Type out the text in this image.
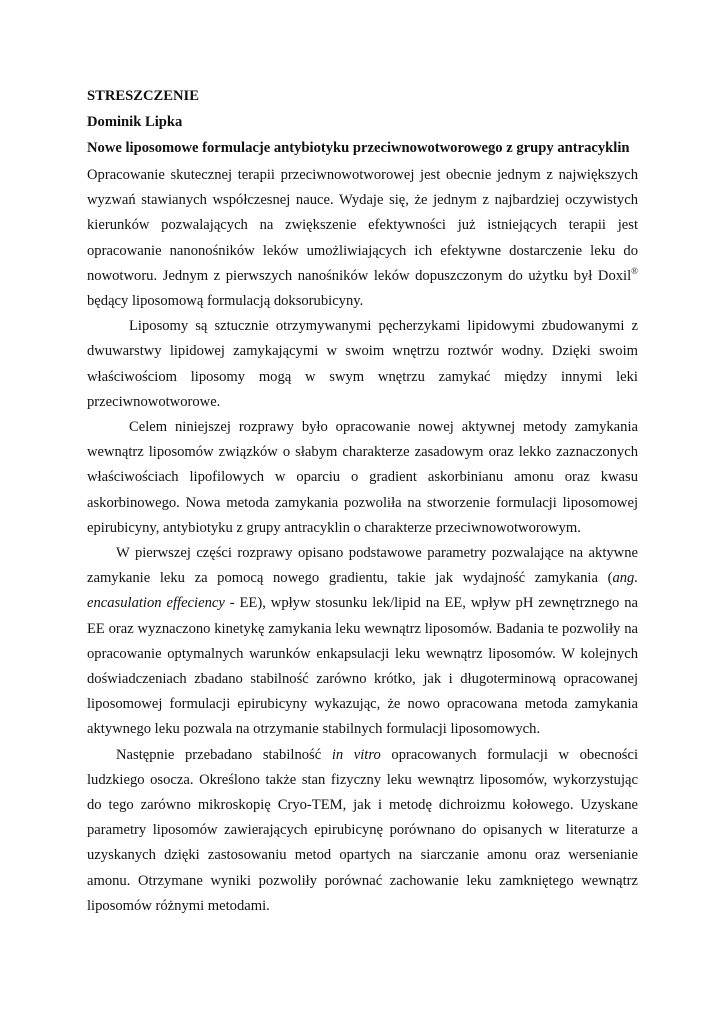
STRESZCZENIE

Dominik Lipka

Nowe liposomowe formulacje antybiotyku przeciwnowotworowego z grupy antracyklin

Opracowanie skutecznej terapii przeciwnowotworowej jest obecnie jednym z największych wyzwań stawianych współczesnej nauce. Wydaje się, że jednym z najbardziej oczywistych kierunków pozwalających na zwiększenie efektywności już istniejących terapii jest opracowanie nanonośników leków umożliwiających ich efektywne dostarczenie leku do nowotworu. Jednym z pierwszych nanośników leków dopuszczonym do użytku był Doxil® będący liposomową formulacją doksorubicyny.

Liposomy są sztucznie otrzymywanymi pęcherzykami lipidowymi zbudowanymi z dwuwarstwy lipidowej zamykającymi w swoim wnętrzu roztwór wodny. Dzięki swoim właściwościom liposomy mogą w swym wnętrzu zamykać między innymi leki przeciwnowotworowe.

Celem niniejszej rozprawy było opracowanie nowej aktywnej metody zamykania wewnątrz liposomów związków o słabym charakterze zasadowym oraz lekko zaznaczonych właściwościach lipofilowych w oparciu o gradient askorbinianu amonu oraz kwasu askorbinowego. Nowa metoda zamykania pozwoliła na stworzenie formulacji liposomowej epirubicyny, antybiotyku z grupy antracyklin o charakterze przeciwnowotworowym.

W pierwszej części rozprawy opisano podstawowe parametry pozwalające na aktywne zamykanie leku za pomocą nowego gradientu, takie jak wydajność zamykania (ang. encasulation effeciency - EE), wpływ stosunku lek/lipid na EE, wpływ pH zewnętrznego na EE oraz wyznaczono kinetykę zamykania leku wewnątrz liposomów. Badania te pozwoliły na opracowanie optymalnych warunków enkapsulacji leku wewnątrz liposomów. W kolejnych doświadczeniach zbadano stabilność zarówno krótko, jak i długoterminową opracowanej liposomowej formulacji epirubicyny wykazując, że nowo opracowana metoda zamykania aktywnego leku pozwala na otrzymanie stabilnych formulacji liposomowych.

Następnie przebadano stabilność in vitro opracowanych formulacji w obecności ludzkiego osocza. Określono także stan fizyczny leku wewnątrz liposomów, wykorzystując do tego zarówno mikroskopię Cryo-TEM, jak i metodę dichroizmu kołowego. Uzyskane parametry liposomów zawierających epirubicynę porównano do opisanych w literaturze a uzyskanych dzięki zastosowaniu metod opartych na siarczanie amonu oraz wersenianie amonu. Otrzymane wyniki pozwoliły porównać zachowanie leku zamkniętego wewnątrz liposomów różnymi metodami.
